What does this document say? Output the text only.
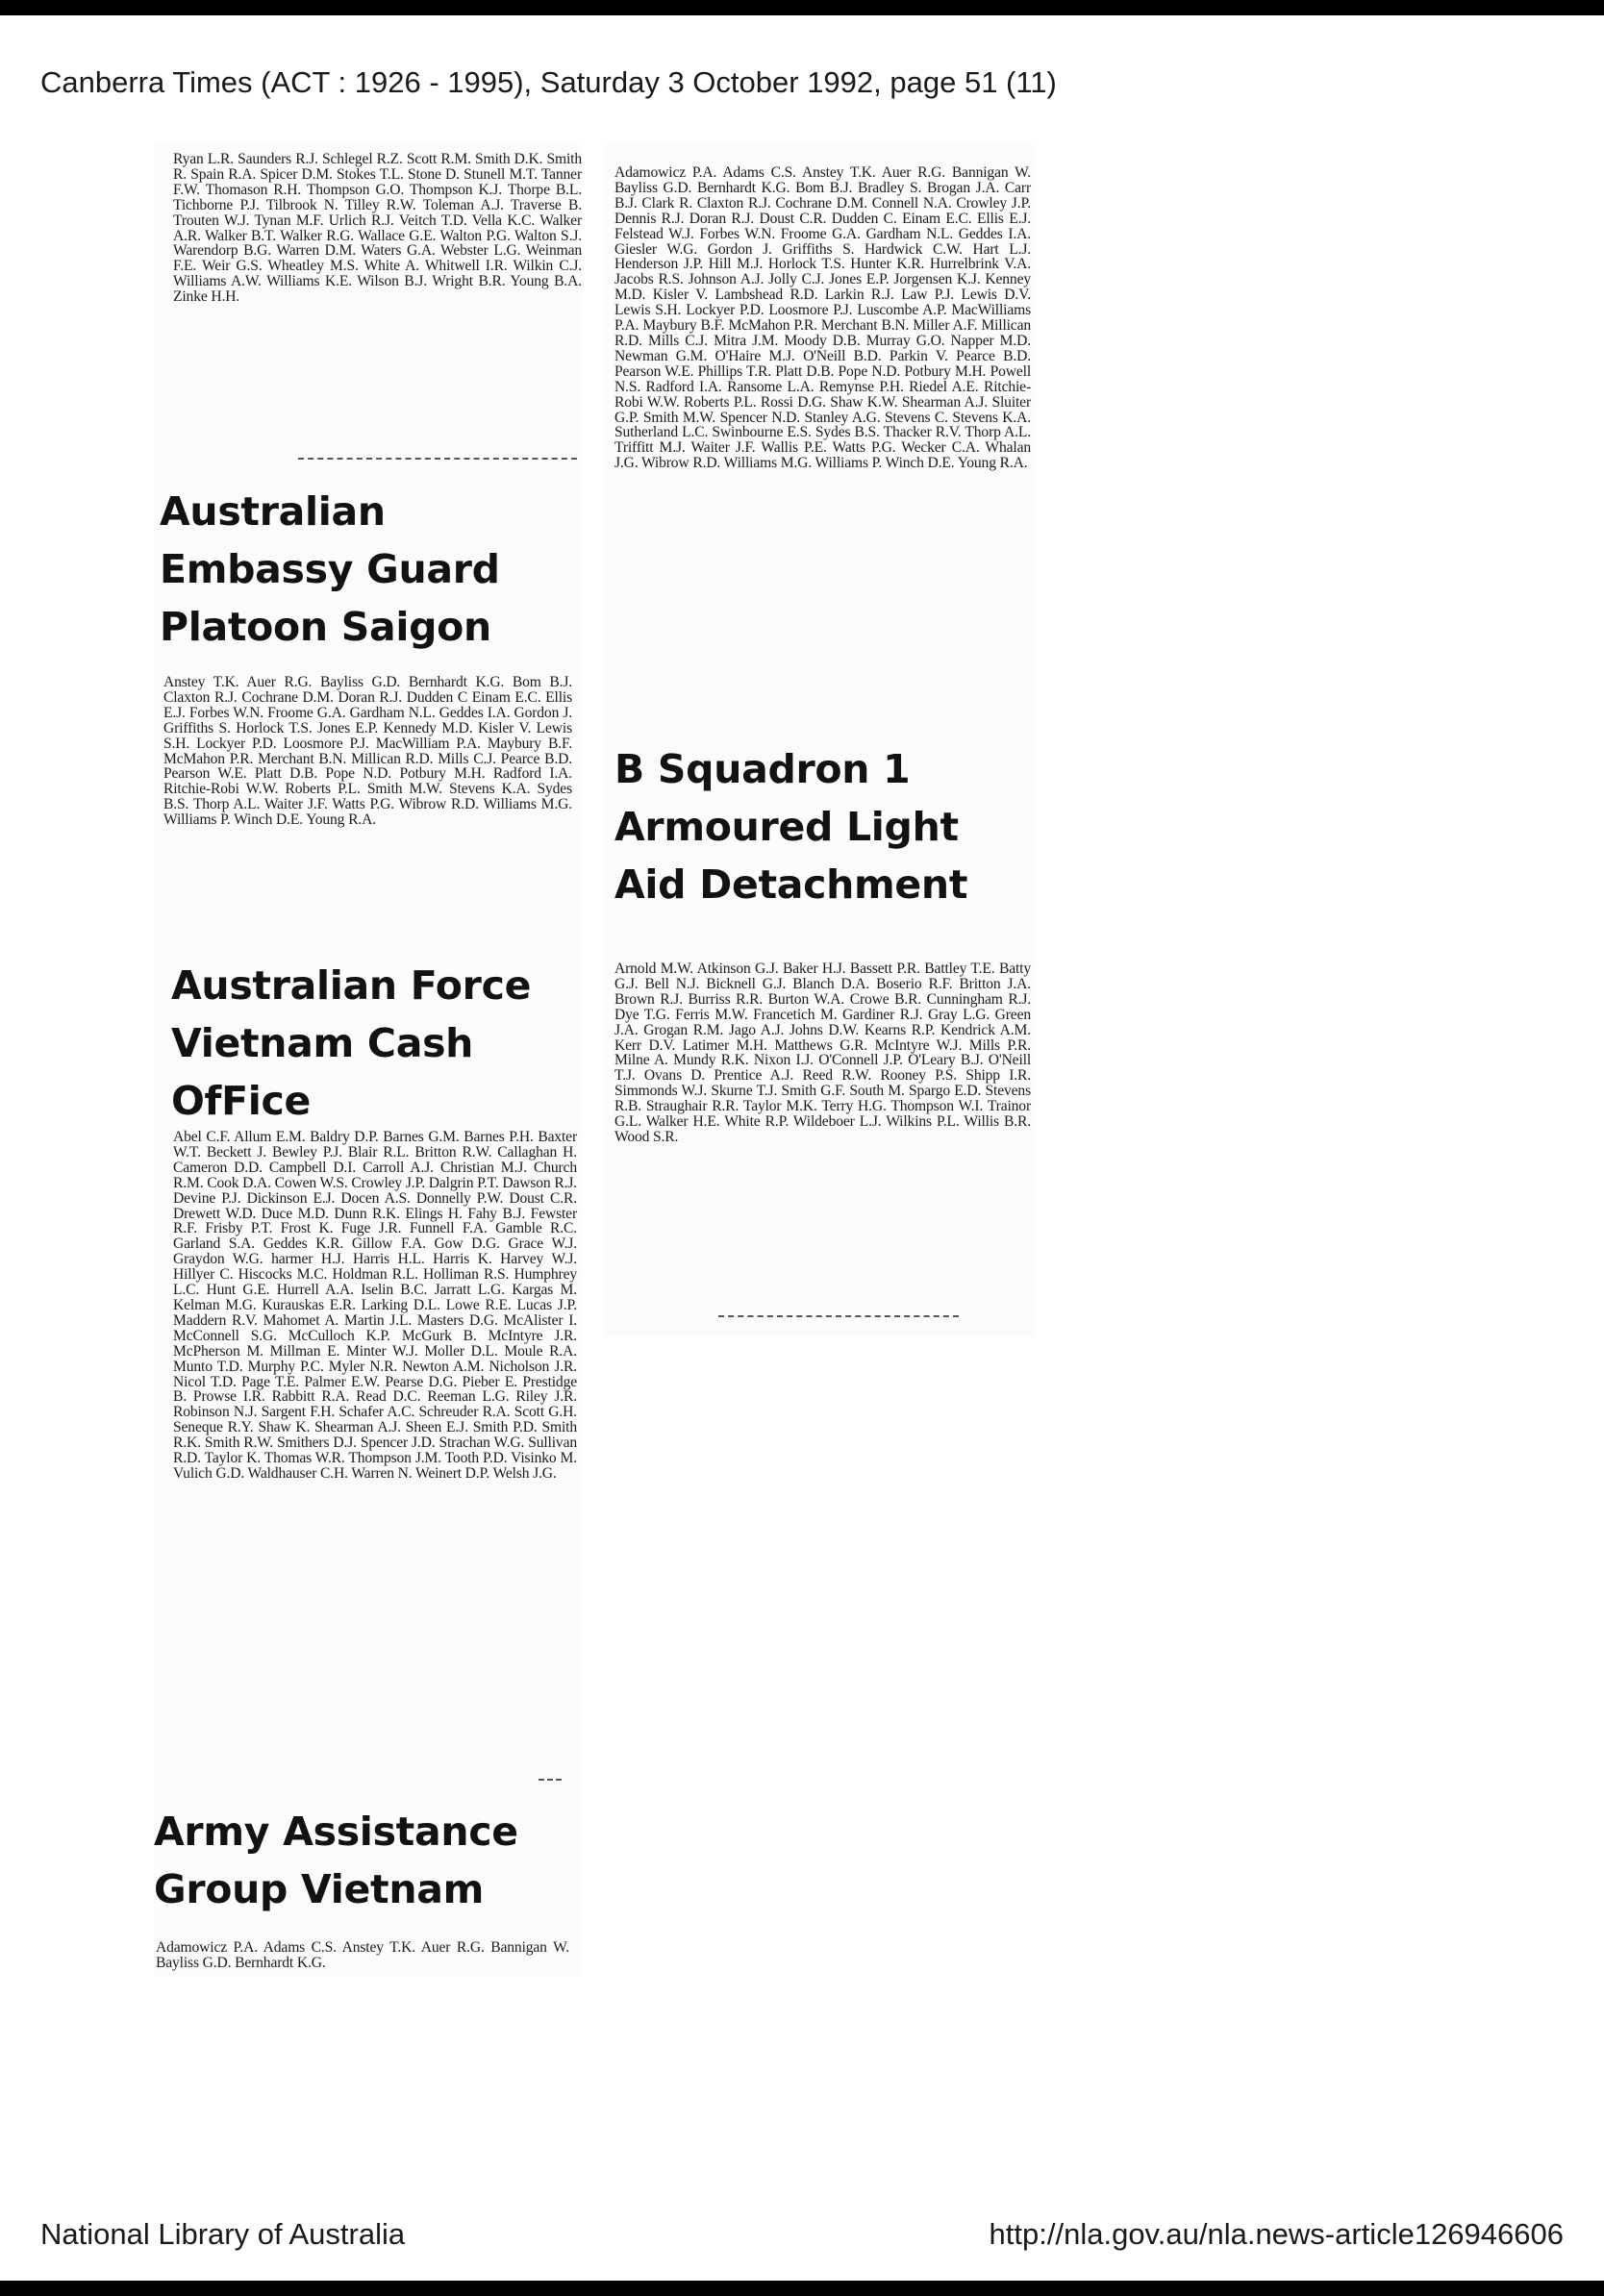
Canberra Times (ACT : 1926 - 1995), Saturday 3 October 1992, page 51 (11)

Ryan L.R. Saunders R.J. Schlegel R.Z. Scott R.M. Smith D.K. Smith R. Spain R.A. Spicer D.M. Stokes T.L. Stone D. Stunell M.T. Tanner F.W. Thomason R.H. Thompson G.O. Thompson K.J. Thorpe B.L. Tichborne P.J. Tilbrook N. Tilley R.W. Toleman A.J. Traverse B. Trouten W.J. Tynan M.F. Urlich R.J. Veitch T.D. Vella K.C. Walker A.R. Walker B.T. Walker R.G. Wallace G.E. Walton P.G. Walton S.J. Warendorp B.G. Warren D.M. Waters G.A. Webster L.G. Weinman F.E. Weir G.S. Wheatley M.S. White A. Whitwell I.R. Wilkin C.J. Williams A.W. Williams K.E. Wilson B.J. Wright B.R. Young B.A. Zinke H.H.

Australian Embassy Guard Platoon Saigon

Anstey T.K. Auer R.G. Bayliss G.D. Bernhardt K.G. Bom B.J. Claxton R.J. Cochrane D.M. Doran R.J. Dudden C Einam E.C. Ellis E.J. Forbes W.N. Froome G.A. Gardham N.L. Geddes I.A. Gordon J. Griffiths S. Horlock T.S. Jones E.P. Kennedy M.D. Kisler V. Lewis S.H. Lockyer P.D. Loosmore P.J. MacWilliam P.A. Maybury B.F. McMahon P.R. Merchant B.N. Millican R.D. Mills C.J. Pearce B.D. Pearson W.E. Platt D.B. Pope N.D. Potbury M.H. Radford I.A. Ritchie-Robi W.W. Roberts P.L. Smith M.W. Stevens K.A. Sydes B.S. Thorp A.L. Waiter J.F. Watts P.G. Wibrow R.D. Williams M.G. Williams P. Winch D.E. Young R.A.

Australian Force Vietnam Cash OfFice

Abel C.F. Allum E.M. Baldry D.P. Barnes G.M. Barnes P.H. Baxter W.T. Beckett J. Bewley P.J. Blair R.L. Britton R.W. Callaghan H. Cameron D.D. Campbell D.I. Carroll A.J. Christian M.J. Church R.M. Cook D.A. Cowen W.S. Crowley J.P. Dalgrin P.T. Dawson R.J. Devine P.J. Dickinson E.J. Docen A.S. Donnelly P.W. Doust C.R. Drewett W.D. Duce M.D. Dunn R.K. Elings H. Fahy B.J. Fewster R.F. Frisby P.T. Frost K. Fuge J.R. Funnell F.A. Gamble R.C. Garland S.A. Geddes K.R. Gillow F.A. Gow D.G. Grace W.J. Graydon W.G. harmer H.J. Harris H.L. Harris K. Harvey W.J. Hillyer C. Hiscocks M.C. Holdman R.L. Holliman R.S. Humphrey L.C. Hunt G.E. Hurrell A.A. Iselin B.C. Jarratt L.G. Kargas M. Kelman M.G. Kurauskas E.R. Larking D.L. Lowe R.E. Lucas J.P. Maddern R.V. Mahomet A. Martin J.L. Masters D.G. McAlister I. McConnell S.G. McCulloch K.P. McGurk B. McIntyre J.R. McPherson M. Millman E. Minter W.J. Moller D.L. Moule R.A. Munto T.D. Murphy P.C. Myler N.R. Newton A.M. Nicholson J.R. Nicol T.D. Page T.E. Palmer E.W. Pearse D.G. Pieber E. Prestidge B. Prowse I.R. Rabbitt R.A. Read D.C. Reeman L.G. Riley J.R. Robinson N.J. Sargent F.H. Schafer A.C. Schreuder R.A. Scott G.H. Seneque R.Y. Shaw K. Shearman A.J. Sheen E.J. Smith P.D. Smith R.K. Smith R.W. Smithers D.J. Spencer J.D. Strachan W.G. Sullivan R.D. Taylor K. Thomas W.R. Thompson J.M. Tooth P.D. Visinko M. Vulich G.D. Waldhauser C.H. Warren N. Weinert D.P. Welsh J.G.

Army Assistance Group Vietnam

Adamowicz P.A. Adams C.S. Anstey T.K. Auer R.G. Bannigan W. Bayliss G.D. Bernhardt K.G.

Adamowicz P.A. Adams C.S. Anstey T.K. Auer R.G. Bannigan W. Bayliss G.D. Bernhardt K.G. Bom B.J. Bradley S. Brogan J.A. Carr B.J. Clark R. Claxton R.J. Cochrane D.M. Connell N.A. Crowley J.P. Dennis R.J. Doran R.J. Doust C.R. Dudden C. Einam E.C. Ellis E.J. Felstead W.J. Forbes W.N. Froome G.A. Gardham N.L. Geddes I.A. Giesler W.G. Gordon J. Griffiths S. Hardwick C.W. Hart L.J. Henderson J.P. Hill M.J. Horlock T.S. Hunter K.R. Hurrelbrink V.A. Jacobs R.S. Johnson A.J. Jolly C.J. Jones E.P. Jorgensen K.J. Kenney M.D. Kisler V. Lambshead R.D. Larkin R.J. Law P.J. Lewis D.V. Lewis S.H. Lockyer P.D. Loosmore P.J. Luscombe A.P. MacWilliams P.A. Maybury B.F. McMahon P.R. Merchant B.N. Miller A.F. Millican R.D. Mills C.J. Mitra J.M. Moody D.B. Murray G.O. Napper M.D. Newman G.M. O'Haire M.J. O'Neill B.D. Parkin V. Pearce B.D. Pearson W.E. Phillips T.R. Platt D.B. Pope N.D. Potbury M.H. Powell N.S. Radford I.A. Ransome L.A. Remynse P.H. Riedel A.E. Ritchie-Robi W.W. Roberts P.L. Rossi D.G. Shaw K.W. Shearman A.J. Sluiter G.P. Smith M.W. Spencer N.D. Stanley A.G. Stevens C. Stevens K.A. Sutherland L.C. Swinbourne E.S. Sydes B.S. Thacker R.V. Thorp A.L. Triffitt M.J. Waiter J.F. Wallis P.E. Watts P.G. Wecker C.A. Whalan J.G. Wibrow R.D. Williams M.G. Williams P. Winch D.E. Young R.A.

B Squadron 1 Armoured Light Aid Detachment

Arnold M.W. Atkinson G.J. Baker H.J. Bassett P.R. Battley T.E. Batty G.J. Bell N.J. Bicknell G.J. Blanch D.A. Boserio R.F. Britton J.A. Brown R.J. Burriss R.R. Burton W.A. Crowe B.R. Cunningham R.J. Dye T.G. Ferris M.W. Francetich M. Gardiner R.J. Gray L.G. Green J.A. Grogan R.M. Jago A.J. Johns D.W. Kearns R.P. Kendrick A.M. Kerr D.V. Latimer M.H. Matthews G.R. McIntyre W.J. Mills P.R. Milne A. Mundy R.K. Nixon I.J. O'Connell J.P. O'Leary B.J. O'Neill T.J. Ovans D. Prentice A.J. Reed R.W. Rooney P.S. Shipp I.R. Simmonds W.J. Skurne T.J. Smith G.F. South M. Spargo E.D. Stevens R.B. Straughair R.R. Taylor M.K. Terry H.G. Thompson W.I. Trainor G.L. Walker H.E. White R.P. Wildeboer L.J. Wilkins P.L. Willis B.R. Wood S.R.

National Library of Australia	http://nla.gov.au/nla.news-article126946606
